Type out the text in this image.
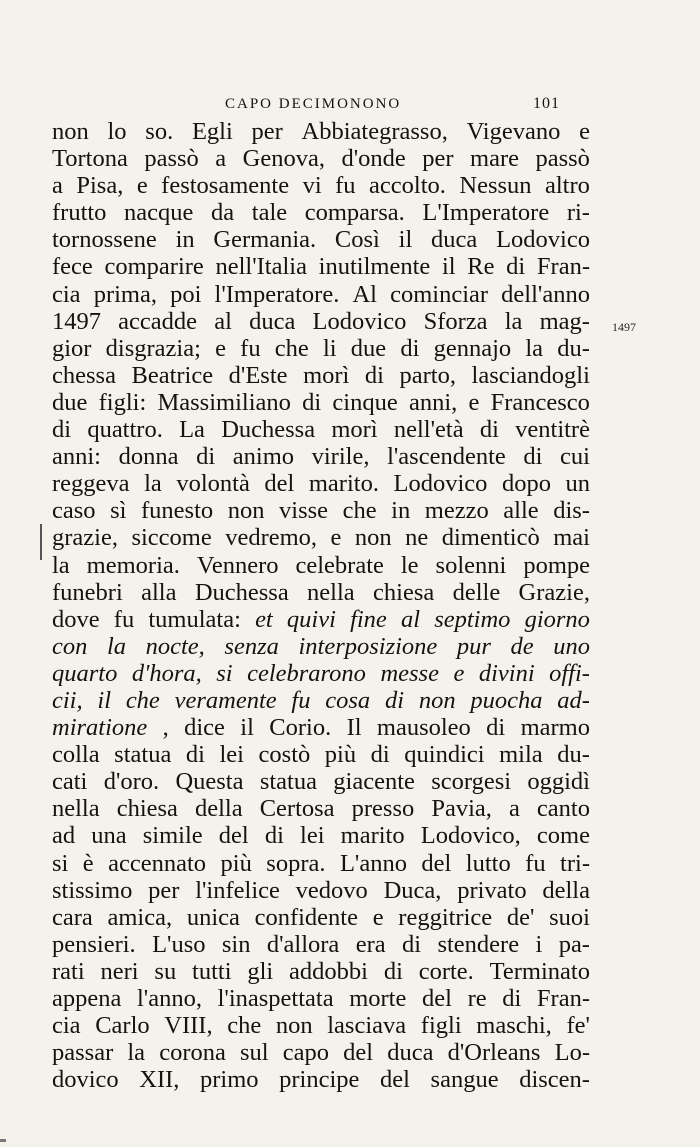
CAPO DECIMONONO	101
non lo so. Egli per Abbiategrasso, Vigevano e
Tortona passò a Genova, d'onde per mare passò
a Pisa, e festosamente vi fu accolto. Nessun altro
frutto nacque da tale comparsa. L'Imperatore ri-
tornossene in Germania. Così il duca Lodovico
fece comparire nell'Italia inutilmente il Re di Fran-
cia prima, poi l'Imperatore. Al cominciar dell'anno
1497 accadde al duca Lodovico Sforza la mag-
gior disgrazia; e fu che li due di gennajo la du-
chessa Beatrice d'Este morì di parto, lasciandogli
due figli: Massimiliano di cinque anni, e Francesco
di quattro. La Duchessa morì nell'età di ventitrè
anni: donna di animo virile, l'ascendente di cui
reggeva la volontà del marito. Lodovico dopo un
caso sì funesto non visse che in mezzo alle dis-
grazie, siccome vedremo, e non ne dimenticò mai
la memoria. Vennero celebrate le solenni pompe
funebri alla Duchessa nella chiesa delle Grazie,
dove fu tumulata: et quivi fine al septimo giorno
con la nocte, senza interposizione pur de uno
quarto d'hora, si celebrarono messe e divini offi-
cii, il che veramente fu cosa di non puocha ad-
miratione , dice il Corio. Il mausoleo di marmo
colla statua di lei costò più di quindici mila du-
cati d'oro. Questa statua giacente scorgesi oggidì
nella chiesa della Certosa presso Pavia, a canto
ad una simile del di lei marito Lodovico, come
si è accennato più sopra. L'anno del lutto fu tri-
stissimo per l'infelice vedovo Duca, privato della
cara amica, unica confidente e reggitrice de' suoi
pensieri. L'uso sin d'allora era di stendere i pa-
rati neri su tutti gli addobbi di corte. Terminato
appena l'anno, l'inaspettata morte del re di Fran-
cia Carlo VIII, che non lasciava figli maschi, fe'
passar la corona sul capo del duca d'Orleans Lo-
dovico XII, primo principe del sangue discen-
1497
